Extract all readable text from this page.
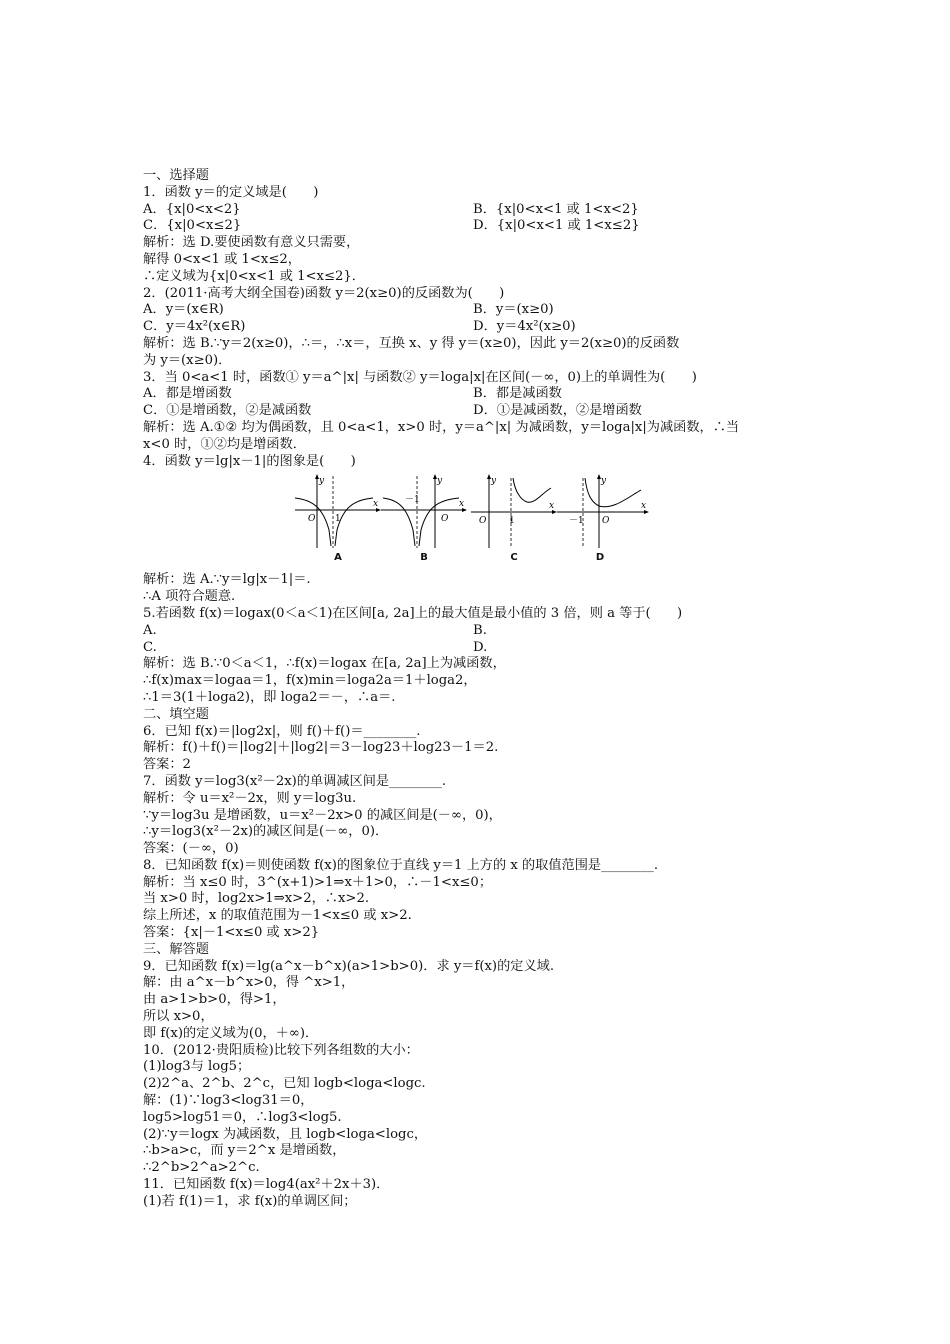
一、选择题
1．函数 y＝的定义域是(　　)
A．{x|0<x<2}	B．{x|0<x<1 或 1<x<2}
C．{x|0<x≤2}	D．{x|0<x<1 或 1<x≤2}
解析：选 D.要使函数有意义只需要，
解得 0<x<1 或 1<x≤2，
∴定义域为{x|0<x<1 或 1<x≤2}．
2．(2011·高考大纲全国卷)函数 y＝2(x≥0)的反函数为(　　)
A．y＝(x∈R)	B．y＝(x≥0)
C．y＝4x²(x∈R)	D．y＝4x²(x≥0)
解析：选 B.∵y＝2(x≥0)，∴＝，∴x＝，互换 x、y 得 y＝(x≥0)，因此 y＝2(x≥0)的反函数
为 y＝(x≥0)．
3．当 0<a<1 时，函数① y＝a^|x| 与函数② y＝loga|x|在区间(－∞，0)上的单调性为(　　)
A．都是增函数	B．都是减函数
C．①是增函数，②是减函数	D．①是减函数，②是增函数
解析：选 A.①② 均为偶函数，且 0<a<1，x>0 时，y＝a^|x| 为减函数，y＝loga|x|为减函数，∴当
x<0 时，①②均是增函数．
4．函数 y＝lg|x－1|的图象是(　　)
y
O 1
x
A
y
O
－1	x
B
y
O	1
x
C
y
O
－1
x
D
解析：选 A.∵y＝lg|x－1|＝.
∴A 项符合题意.
5.若函数 f(x)＝logax(0＜a＜1)在区间[a, 2a]上的最大值是最小值的 3 倍，则 a 等于(　　)
A.	B.
C.	D.
解析：选 B.∵0＜a＜1，∴f(x)＝logax 在[a, 2a]上为减函数，
∴f(x)max＝logaa＝1，f(x)min＝loga2a＝1＋loga2，
∴1＝3(1＋loga2)，即 loga2＝－，∴a＝.
二、填空题
6．已知 f(x)＝|log2x|，则 f()＋f()＝________.
解析：f()＋f()＝|log2|＋|log2|＝3－log23＋log23－1＝2.
答案：2
7．函数 y＝log3(x²－2x)的单调减区间是________.
解析：令 u＝x²－2x，则 y＝log3u.
∵y＝log3u 是增函数，u＝x²－2x>0 的减区间是(－∞，0)，
∴y＝log3(x²－2x)的减区间是(－∞，0)．
答案：(－∞，0)
8．已知函数 f(x)＝则使函数 f(x)的图象位于直线 y＝1 上方的 x 的取值范围是________.
解析：当 x≤0 时，3^(x+1)>1⇒x＋1>0，∴－1<x≤0；
当 x>0 时，log2x>1⇒x>2，∴x>2.
综上所述，x 的取值范围为－1<x≤0 或 x>2.
答案：{x|－1<x≤0 或 x>2}
三、解答题
9．已知函数 f(x)＝lg(a^x－b^x)(a>1>b>0)．求 y＝f(x)的定义域.
解：由 a^x－b^x>0，得 ^x>1，
由 a>1>b>0，得>1，
所以 x>0，
即 f(x)的定义域为(0，＋∞)．
10．(2012·贵阳质检)比较下列各组数的大小：
(1)log3与 log5；
(2)2^a、2^b、2^c，已知 logb<loga<logc.
解：(1)∵log3<log31＝0，
log5>log51＝0，∴log3<log5.
(2)∵y＝logx 为减函数，且 logb<loga<logc，
∴b>a>c，而 y＝2^x 是增函数，
∴2^b>2^a>2^c.
11．已知函数 f(x)＝log4(ax²＋2x＋3)．
(1)若 f(1)＝1，求 f(x)的单调区间；
